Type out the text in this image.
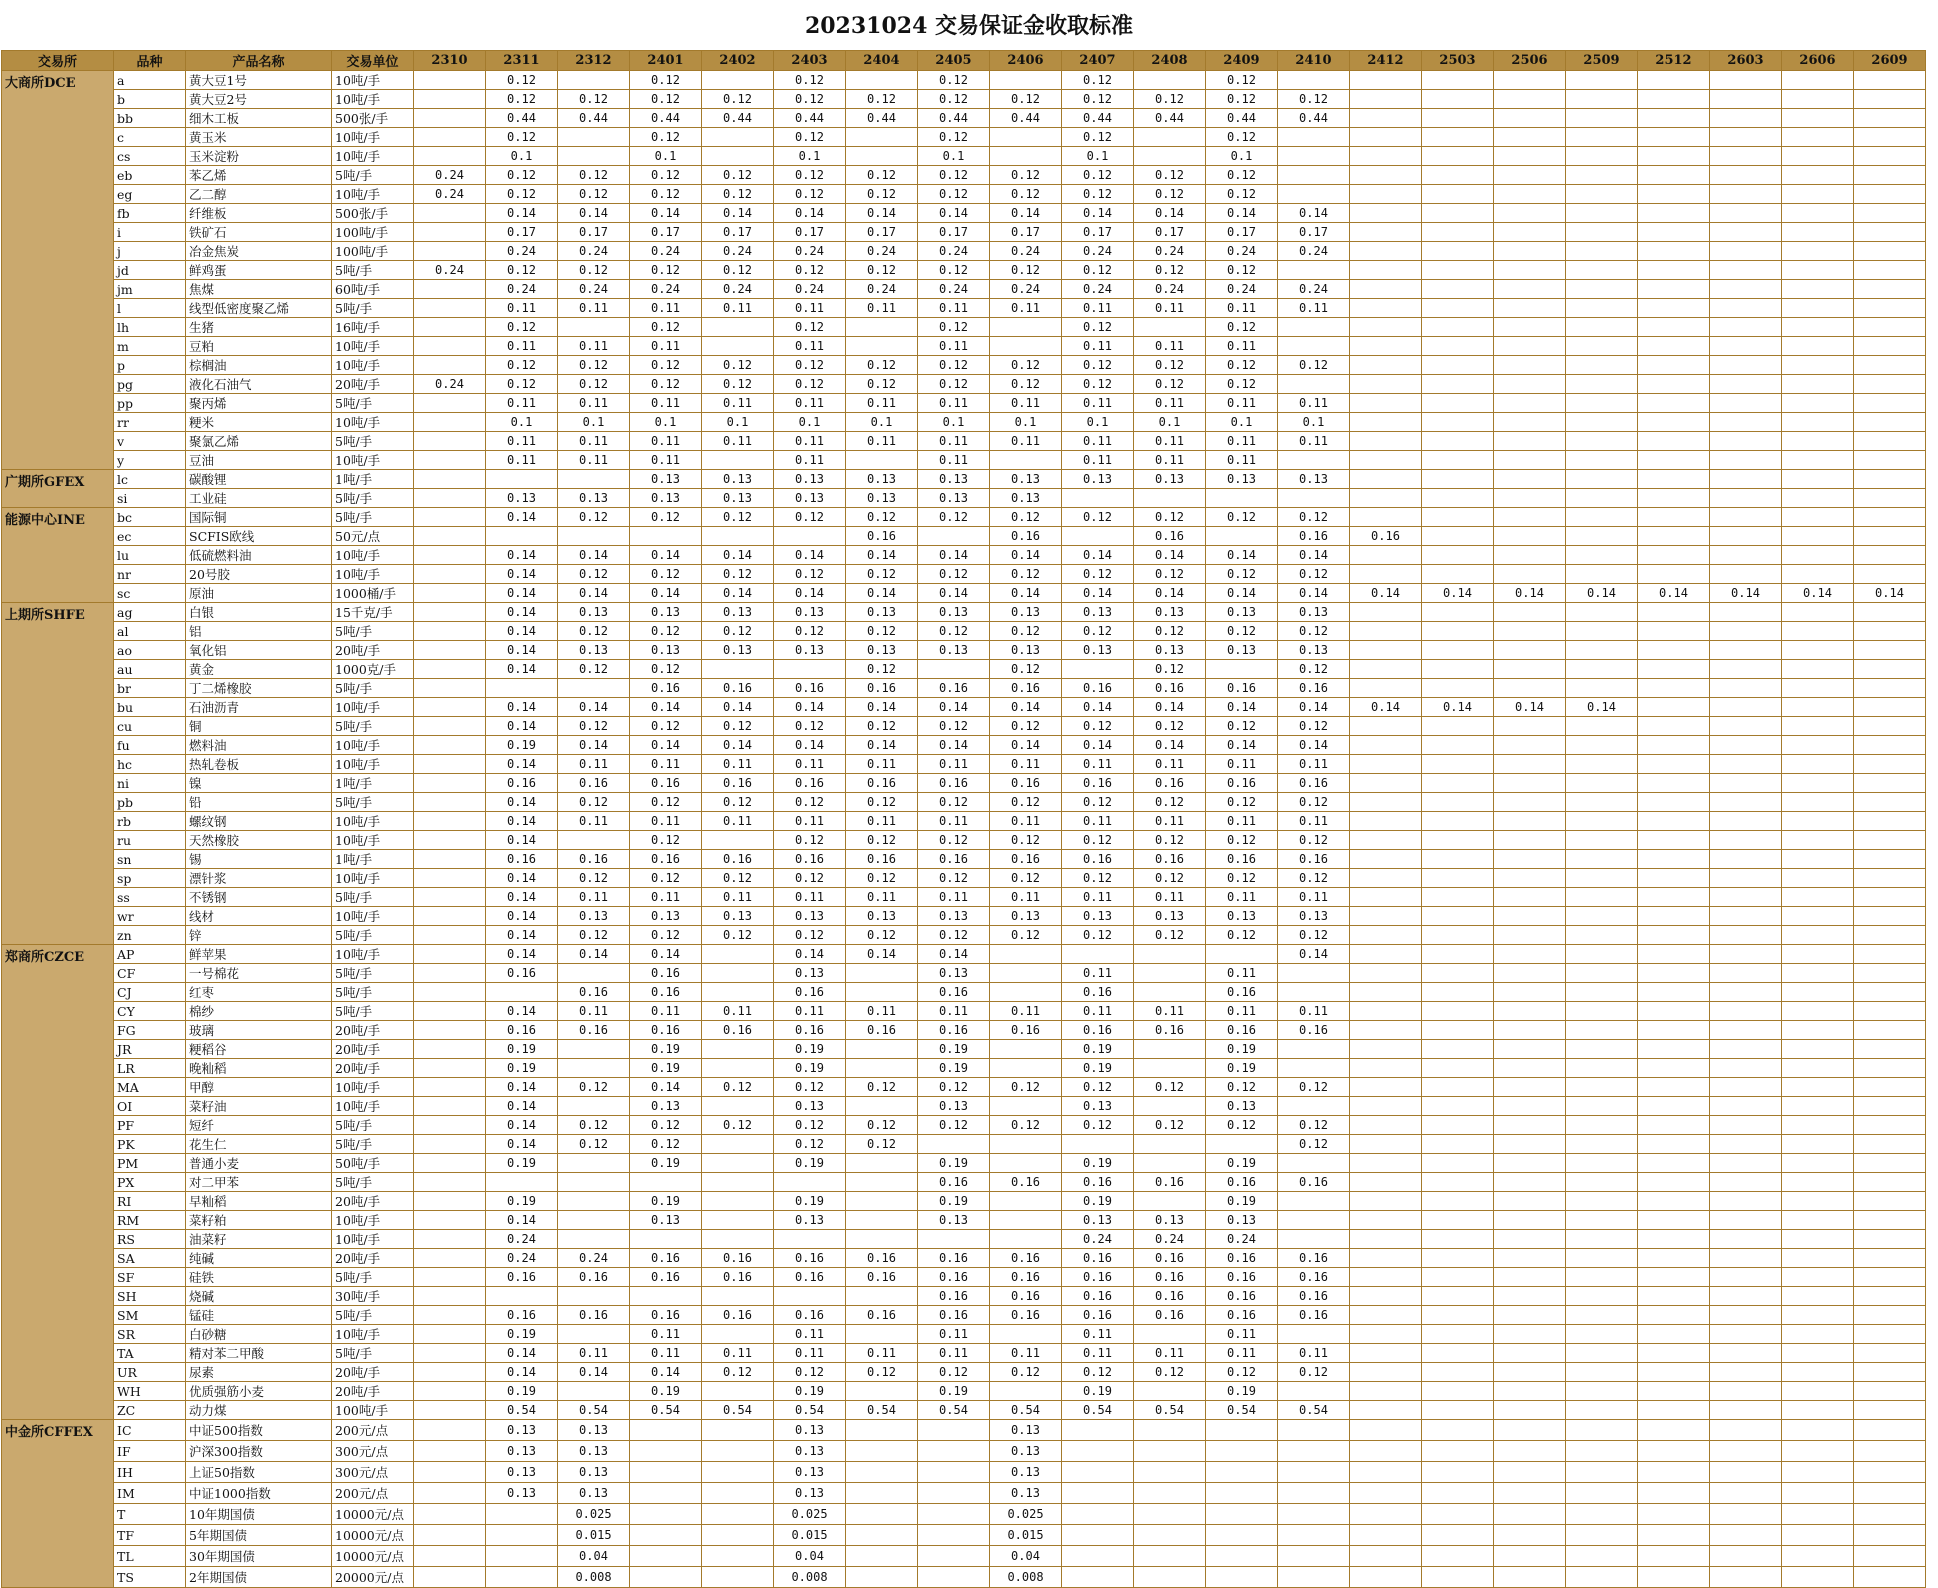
20231024 交易保证金收取标准
交易所	品种	产品名称	交易单位	2310	2311	2312	2401	2402	2403	2404	2405	2406	2407	2408	2409	2410	2412	2503	2506	2509	2512	2603	2606	2609
大商所DCE	a	黄大豆1号	10吨/手		0.12		0.12		0.12		0.12		0.12		0.12									
	b	黄大豆2号	10吨/手		0.12	0.12	0.12	0.12	0.12	0.12	0.12	0.12	0.12	0.12	0.12	0.12								
	bb	细木工板	500张/手		0.44	0.44	0.44	0.44	0.44	0.44	0.44	0.44	0.44	0.44	0.44	0.44								
	c	黄玉米	10吨/手		0.12		0.12		0.12		0.12		0.12		0.12									
	cs	玉米淀粉	10吨/手		0.1		0.1		0.1		0.1		0.1		0.1									
	eb	苯乙烯	5吨/手	0.24	0.12	0.12	0.12	0.12	0.12	0.12	0.12	0.12	0.12	0.12	0.12									
	eg	乙二醇	10吨/手	0.24	0.12	0.12	0.12	0.12	0.12	0.12	0.12	0.12	0.12	0.12	0.12									
	fb	纤维板	500张/手		0.14	0.14	0.14	0.14	0.14	0.14	0.14	0.14	0.14	0.14	0.14	0.14								
	i	铁矿石	100吨/手		0.17	0.17	0.17	0.17	0.17	0.17	0.17	0.17	0.17	0.17	0.17	0.17								
	j	冶金焦炭	100吨/手		0.24	0.24	0.24	0.24	0.24	0.24	0.24	0.24	0.24	0.24	0.24	0.24								
	jd	鲜鸡蛋	5吨/手	0.24	0.12	0.12	0.12	0.12	0.12	0.12	0.12	0.12	0.12	0.12	0.12									
	jm	焦煤	60吨/手		0.24	0.24	0.24	0.24	0.24	0.24	0.24	0.24	0.24	0.24	0.24	0.24								
	l	线型低密度聚乙烯	5吨/手		0.11	0.11	0.11	0.11	0.11	0.11	0.11	0.11	0.11	0.11	0.11	0.11								
	lh	生猪	16吨/手		0.12		0.12		0.12		0.12		0.12		0.12									
	m	豆粕	10吨/手		0.11	0.11	0.11		0.11		0.11		0.11	0.11	0.11									
	p	棕榈油	10吨/手		0.12	0.12	0.12	0.12	0.12	0.12	0.12	0.12	0.12	0.12	0.12	0.12								
	pg	液化石油气	20吨/手	0.24	0.12	0.12	0.12	0.12	0.12	0.12	0.12	0.12	0.12	0.12	0.12									
	pp	聚丙烯	5吨/手		0.11	0.11	0.11	0.11	0.11	0.11	0.11	0.11	0.11	0.11	0.11	0.11								
	rr	粳米	10吨/手		0.1	0.1	0.1	0.1	0.1	0.1	0.1	0.1	0.1	0.1	0.1	0.1								
	v	聚氯乙烯	5吨/手		0.11	0.11	0.11	0.11	0.11	0.11	0.11	0.11	0.11	0.11	0.11	0.11								
	y	豆油	10吨/手		0.11	0.11	0.11		0.11		0.11		0.11	0.11	0.11									
广期所GFEX	lc	碳酸锂	1吨/手				0.13	0.13	0.13	0.13	0.13	0.13	0.13	0.13	0.13	0.13								
	si	工业硅	5吨/手		0.13	0.13	0.13	0.13	0.13	0.13	0.13	0.13												
能源中心INE	bc	国际铜	5吨/手		0.14	0.12	0.12	0.12	0.12	0.12	0.12	0.12	0.12	0.12	0.12	0.12								
	ec	SCFIS欧线	50元/点							0.16		0.16		0.16		0.16	0.16							
	lu	低硫燃料油	10吨/手		0.14	0.14	0.14	0.14	0.14	0.14	0.14	0.14	0.14	0.14	0.14	0.14								
	nr	20号胶	10吨/手		0.14	0.12	0.12	0.12	0.12	0.12	0.12	0.12	0.12	0.12	0.12	0.12								
	sc	原油	1000桶/手		0.14	0.14	0.14	0.14	0.14	0.14	0.14	0.14	0.14	0.14	0.14	0.14	0.14	0.14	0.14	0.14	0.14	0.14	0.14	0.14
上期所SHFE	ag	白银	15千克/手		0.14	0.13	0.13	0.13	0.13	0.13	0.13	0.13	0.13	0.13	0.13	0.13								
	al	铝	5吨/手		0.14	0.12	0.12	0.12	0.12	0.12	0.12	0.12	0.12	0.12	0.12	0.12								
	ao	氧化铝	20吨/手		0.14	0.13	0.13	0.13	0.13	0.13	0.13	0.13	0.13	0.13	0.13	0.13								
	au	黄金	1000克/手		0.14	0.12	0.12			0.12		0.12		0.12		0.12								
	br	丁二烯橡胶	5吨/手				0.16	0.16	0.16	0.16	0.16	0.16	0.16	0.16	0.16	0.16								
	bu	石油沥青	10吨/手		0.14	0.14	0.14	0.14	0.14	0.14	0.14	0.14	0.14	0.14	0.14	0.14	0.14	0.14	0.14	0.14				
	cu	铜	5吨/手		0.14	0.12	0.12	0.12	0.12	0.12	0.12	0.12	0.12	0.12	0.12	0.12								
	fu	燃料油	10吨/手		0.19	0.14	0.14	0.14	0.14	0.14	0.14	0.14	0.14	0.14	0.14	0.14								
	hc	热轧卷板	10吨/手		0.14	0.11	0.11	0.11	0.11	0.11	0.11	0.11	0.11	0.11	0.11	0.11								
	ni	镍	1吨/手		0.16	0.16	0.16	0.16	0.16	0.16	0.16	0.16	0.16	0.16	0.16	0.16								
	pb	铅	5吨/手		0.14	0.12	0.12	0.12	0.12	0.12	0.12	0.12	0.12	0.12	0.12	0.12								
	rb	螺纹钢	10吨/手		0.14	0.11	0.11	0.11	0.11	0.11	0.11	0.11	0.11	0.11	0.11	0.11								
	ru	天然橡胶	10吨/手		0.14		0.12		0.12	0.12	0.12	0.12	0.12	0.12	0.12	0.12								
	sn	锡	1吨/手		0.16	0.16	0.16	0.16	0.16	0.16	0.16	0.16	0.16	0.16	0.16	0.16								
	sp	漂针浆	10吨/手		0.14	0.12	0.12	0.12	0.12	0.12	0.12	0.12	0.12	0.12	0.12	0.12								
	ss	不锈钢	5吨/手		0.14	0.11	0.11	0.11	0.11	0.11	0.11	0.11	0.11	0.11	0.11	0.11								
	wr	线材	10吨/手		0.14	0.13	0.13	0.13	0.13	0.13	0.13	0.13	0.13	0.13	0.13	0.13								
	zn	锌	5吨/手		0.14	0.12	0.12	0.12	0.12	0.12	0.12	0.12	0.12	0.12	0.12	0.12								
郑商所CZCE	AP	鲜苹果	10吨/手		0.14	0.14	0.14		0.14	0.14	0.14					0.14								
	CF	一号棉花	5吨/手		0.16		0.16		0.13		0.13		0.11		0.11									
	CJ	红枣	5吨/手			0.16	0.16		0.16		0.16		0.16		0.16									
	CY	棉纱	5吨/手		0.14	0.11	0.11	0.11	0.11	0.11	0.11	0.11	0.11	0.11	0.11	0.11								
	FG	玻璃	20吨/手		0.16	0.16	0.16	0.16	0.16	0.16	0.16	0.16	0.16	0.16	0.16	0.16								
	JR	粳稻谷	20吨/手		0.19		0.19		0.19		0.19		0.19		0.19									
	LR	晚籼稻	20吨/手		0.19		0.19		0.19		0.19		0.19		0.19									
	MA	甲醇	10吨/手		0.14	0.12	0.14	0.12	0.12	0.12	0.12	0.12	0.12	0.12	0.12	0.12								
	OI	菜籽油	10吨/手		0.14		0.13		0.13		0.13		0.13		0.13									
	PF	短纤	5吨/手		0.14	0.12	0.12	0.12	0.12	0.12	0.12	0.12	0.12	0.12	0.12	0.12								
	PK	花生仁	5吨/手		0.14	0.12	0.12		0.12	0.12						0.12								
	PM	普通小麦	50吨/手		0.19		0.19		0.19		0.19		0.19		0.19									
	PX	对二甲苯	5吨/手								0.16	0.16	0.16	0.16	0.16	0.16								
	RI	早籼稻	20吨/手		0.19		0.19		0.19		0.19		0.19		0.19									
	RM	菜籽粕	10吨/手		0.14		0.13		0.13		0.13		0.13	0.13	0.13									
	RS	油菜籽	10吨/手		0.24								0.24	0.24	0.24									
	SA	纯碱	20吨/手		0.24	0.24	0.16	0.16	0.16	0.16	0.16	0.16	0.16	0.16	0.16	0.16								
	SF	硅铁	5吨/手		0.16	0.16	0.16	0.16	0.16	0.16	0.16	0.16	0.16	0.16	0.16	0.16								
	SH	烧碱	30吨/手								0.16	0.16	0.16	0.16	0.16	0.16								
	SM	锰硅	5吨/手		0.16	0.16	0.16	0.16	0.16	0.16	0.16	0.16	0.16	0.16	0.16	0.16								
	SR	白砂糖	10吨/手		0.19		0.11		0.11		0.11		0.11		0.11									
	TA	精对苯二甲酸	5吨/手		0.14	0.11	0.11	0.11	0.11	0.11	0.11	0.11	0.11	0.11	0.11	0.11								
	UR	尿素	20吨/手		0.14	0.14	0.14	0.12	0.12	0.12	0.12	0.12	0.12	0.12	0.12	0.12								
	WH	优质强筋小麦	20吨/手		0.19		0.19		0.19		0.19		0.19		0.19									
	ZC	动力煤	100吨/手		0.54	0.54	0.54	0.54	0.54	0.54	0.54	0.54	0.54	0.54	0.54	0.54								
中金所CFFEX	IC	中证500指数	200元/点		0.13	0.13			0.13			0.13												
	IF	沪深300指数	300元/点		0.13	0.13			0.13			0.13												
	IH	上证50指数	300元/点		0.13	0.13			0.13			0.13												
	IM	中证1000指数	200元/点		0.13	0.13			0.13			0.13												
	T	10年期国债	10000元/点			0.025			0.025			0.025												
	TF	5年期国债	10000元/点			0.015			0.015			0.015												
	TL	30年期国债	10000元/点			0.04			0.04			0.04												
	TS	2年期国债	20000元/点			0.008			0.008			0.008												
